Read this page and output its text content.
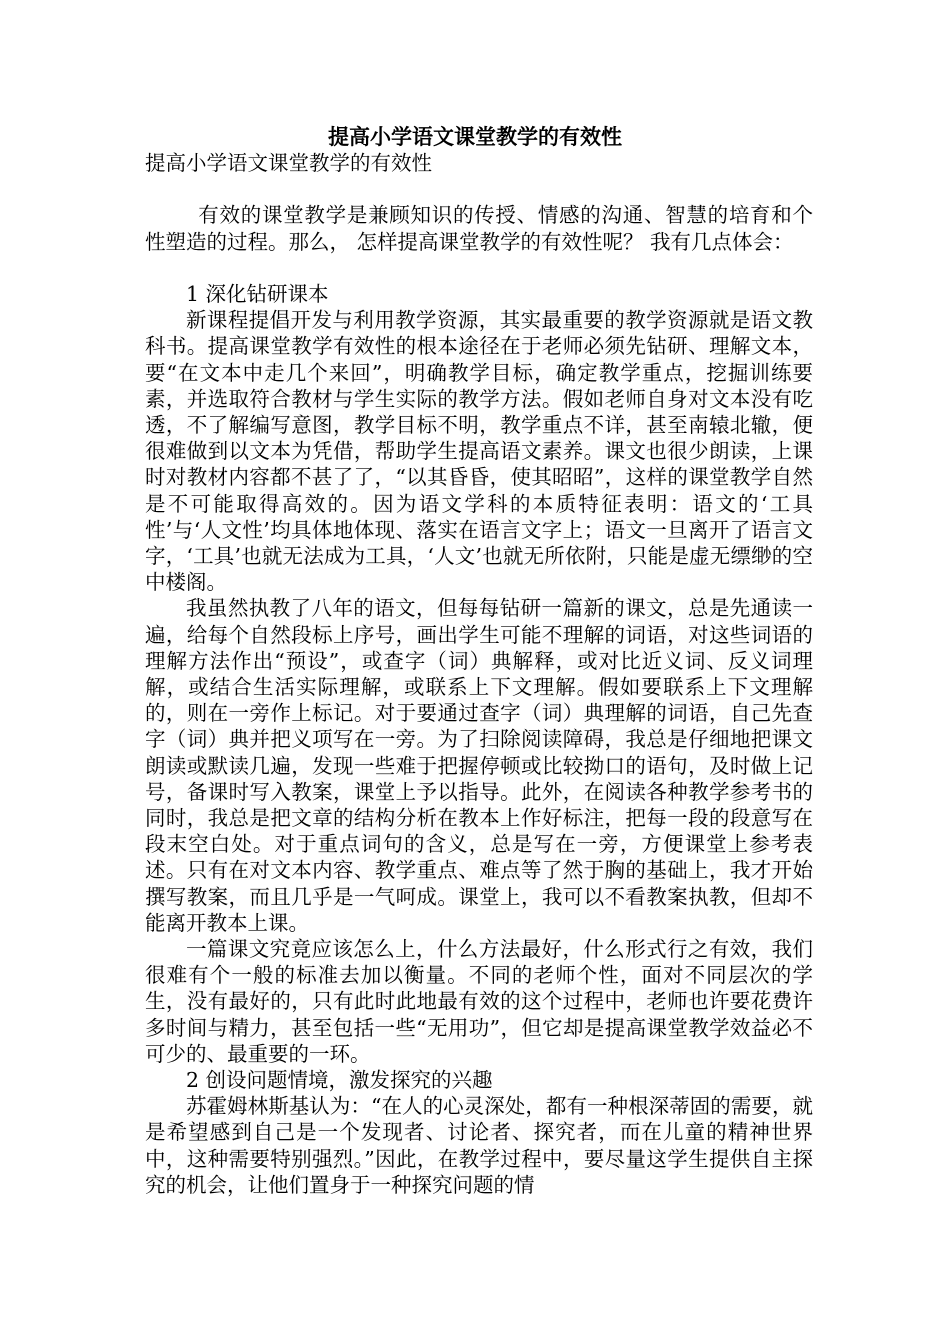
提高小学语文课堂教学的有效性

提高小学语文课堂教学的有效性

有效的课堂教学是兼顾知识的传授、情感的沟通、智慧的培育和个性塑造的过程。那么， 怎样提高课堂教学的有效性呢？ 我有几点体会：

1 深化钻研课本

新课程提倡开发与利用教学资源，其实最重要的教学资源就是语文教科书。提高课堂教学有效性的根本途径在于老师必须先钻研、理解文本，要“在文本中走几个来回”，明确教学目标，确定教学重点，挖掘训练要素，并选取符合教材与学生实际的教学方法。假如老师自身对文本没有吃透，不了解编写意图，教学目标不明，教学重点不详，甚至南辕北辙，便很难做到以文本为凭借，帮助学生提高语文素养。课文也很少朗读，上课时对教材内容都不甚了了，“以其昏昏，使其昭昭”，这样的课堂教学自然是不可能取得高效的。因为语文学科的本质特征表明：语文的‘工具性’与‘人文性’均具体地体现、落实在语言文字上；语文一旦离开了语言文字，‘工具’也就无法成为工具，‘人文’也就无所依附，只能是虚无缥缈的空中楼阁。

我虽然执教了八年的语文，但每每钻研一篇新的课文，总是先通读一遍，给每个自然段标上序号，画出学生可能不理解的词语，对这些词语的理解方法作出“预设”，或查字（词）典解释，或对比近义词、反义词理解，或结合生活实际理解，或联系上下文理解。假如要联系上下文理解的，则在一旁作上标记。对于要通过查字（词）典理解的词语，自己先查字（词）典并把义项写在一旁。为了扫除阅读障碍，我总是仔细地把课文朗读或默读几遍，发现一些难于把握停顿或比较拗口的语句，及时做上记号，备课时写入教案，课堂上予以指导。此外，在阅读各种教学参考书的同时，我总是把文章的结构分析在教本上作好标注，把每一段的段意写在段末空白处。对于重点词句的含义，总是写在一旁，方便课堂上参考表述。只有在对文本内容、教学重点、难点等了然于胸的基础上，我才开始撰写教案，而且几乎是一气呵成。课堂上，我可以不看教案执教，但却不能离开教本上课。

一篇课文究竟应该怎么上，什么方法最好，什么形式行之有效，我们很难有个一般的标准去加以衡量。不同的老师个性，面对不同层次的学生，没有最好的，只有此时此地最有效的这个过程中，老师也许要花费许多时间与精力，甚至包括一些“无用功”，但它却是提高课堂教学效益必不可少的、最重要的一环。

2 创设问题情境，激发探究的兴趣

苏霍姆林斯基认为：“在人的心灵深处，都有一种根深蒂固的需要，就是希望感到自己是一个发现者、讨论者、探究者，而在儿童的精神世界中，这种需要特别强烈。”因此，在教学过程中，要尽量这学生提供自主探究的机会，让他们置身于一种探究问题的情
